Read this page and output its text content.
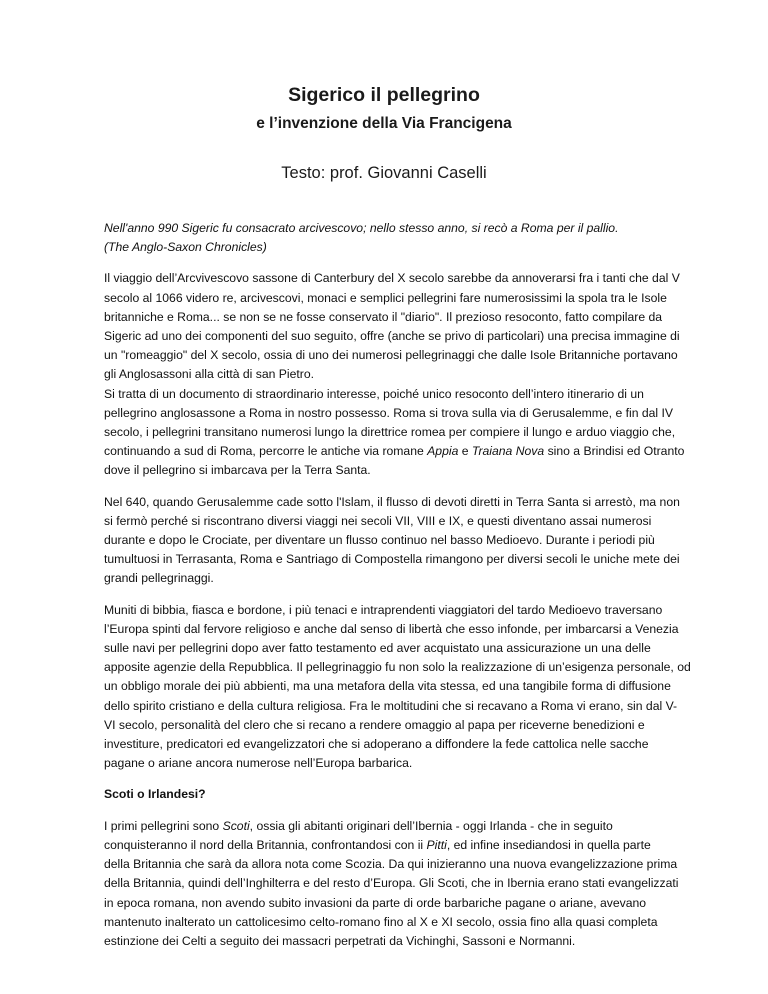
Sigerico il pellegrino
e l’invenzione della Via Francigena
Testo: prof. Giovanni Caselli

Nell'anno 990 Sigeric fu consacrato arcivescovo; nello stesso anno, si recò a Roma per il pallio.
(The Anglo-Saxon Chronicles)

Il viaggio dell’Arcvivescovo sassone di Canterbury del X secolo sarebbe da annoverarsi fra i tanti che dal V
secolo al 1066 videro re, arcivescovi, monaci e semplici pellegrini fare numerosissimi la spola tra le Isole
britanniche e Roma... se non se ne fosse conservato il "diario". Il prezioso resoconto, fatto compilare da
Sigeric ad uno dei componenti del suo seguito, offre (anche se privo di particolari) una precisa immagine di
un "romeaggio" del X secolo, ossia di uno dei numerosi pellegrinaggi che dalle Isole Britanniche portavano
gli Anglosassoni alla città di san Pietro.
Si tratta di un documento di straordinario interesse, poiché unico resoconto dell’intero itinerario di un
pellegrino anglosassone a Roma in nostro possesso. Roma si trova sulla via di Gerusalemme, e fin dal IV
secolo, i pellegrini transitano numerosi lungo la direttrice romea per compiere il lungo e arduo viaggio che,
continuando a sud di Roma, percorre le antiche via romane Appia e Traiana Nova sino a Brindisi ed Otranto
dove il pellegrino si imbarcava per la Terra Santa.

Nel 640, quando Gerusalemme cade sotto l'Islam, il flusso di devoti diretti in Terra Santa si arrestò, ma non
si fermò perché si riscontrano diversi viaggi nei secoli VII, VIII e IX, e questi diventano assai numerosi
durante e dopo le Crociate, per diventare un flusso continuo nel basso Medioevo. Durante i periodi più
tumultuosi in Terrasanta, Roma e Santriago di Compostella rimangono per diversi secoli le uniche mete dei
grandi pellegrinaggi.

Muniti di bibbia, fiasca e bordone, i più tenaci e intraprendenti viaggiatori del tardo Medioevo traversano
l’Europa spinti dal fervore religioso e anche dal senso di libertà che esso infonde, per imbarcarsi a Venezia
sulle navi per pellegrini dopo aver fatto testamento ed aver acquistato una assicurazione un una delle
apposite agenzie della Repubblica. Il pellegrinaggio fu non solo la realizzazione di un’esigenza personale, od
un obbligo morale dei più abbienti, ma una metafora della vita stessa, ed una tangibile forma di diffusione
dello spirito cristiano e della cultura religiosa. Fra le moltitudini che si recavano a Roma vi erano, sin dal V-
VI secolo, personalità del clero che si recano a rendere omaggio al papa per riceverne benedizioni e
investiture, predicatori ed evangelizzatori che si adoperano a diffondere la fede cattolica nelle sacche
pagane o ariane ancora numerose nell’Europa barbarica.

Scoti o Irlandesi?

I primi pellegrini sono Scoti, ossia gli abitanti originari dell’Ibernia - oggi Irlanda - che in seguito
conquisteranno il nord della Britannia, confrontandosi con ii Pitti, ed infine insediandosi in quella parte
della Britannia che sarà da allora nota come Scozia. Da qui inizieranno una nuova evangelizzazione prima
della Britannia, quindi dell’Inghilterra e del resto d’Europa. Gli Scoti, che in Ibernia erano stati evangelizzati
in epoca romana, non avendo subito invasioni da parte di orde barbariche pagane o ariane, avevano
mantenuto inalterato un cattolicesimo celto-romano fino al X e XI secolo, ossia fino alla quasi completa
estinzione dei Celti a seguito dei massacri perpetrati da Vichinghi, Sassoni e Normanni.
